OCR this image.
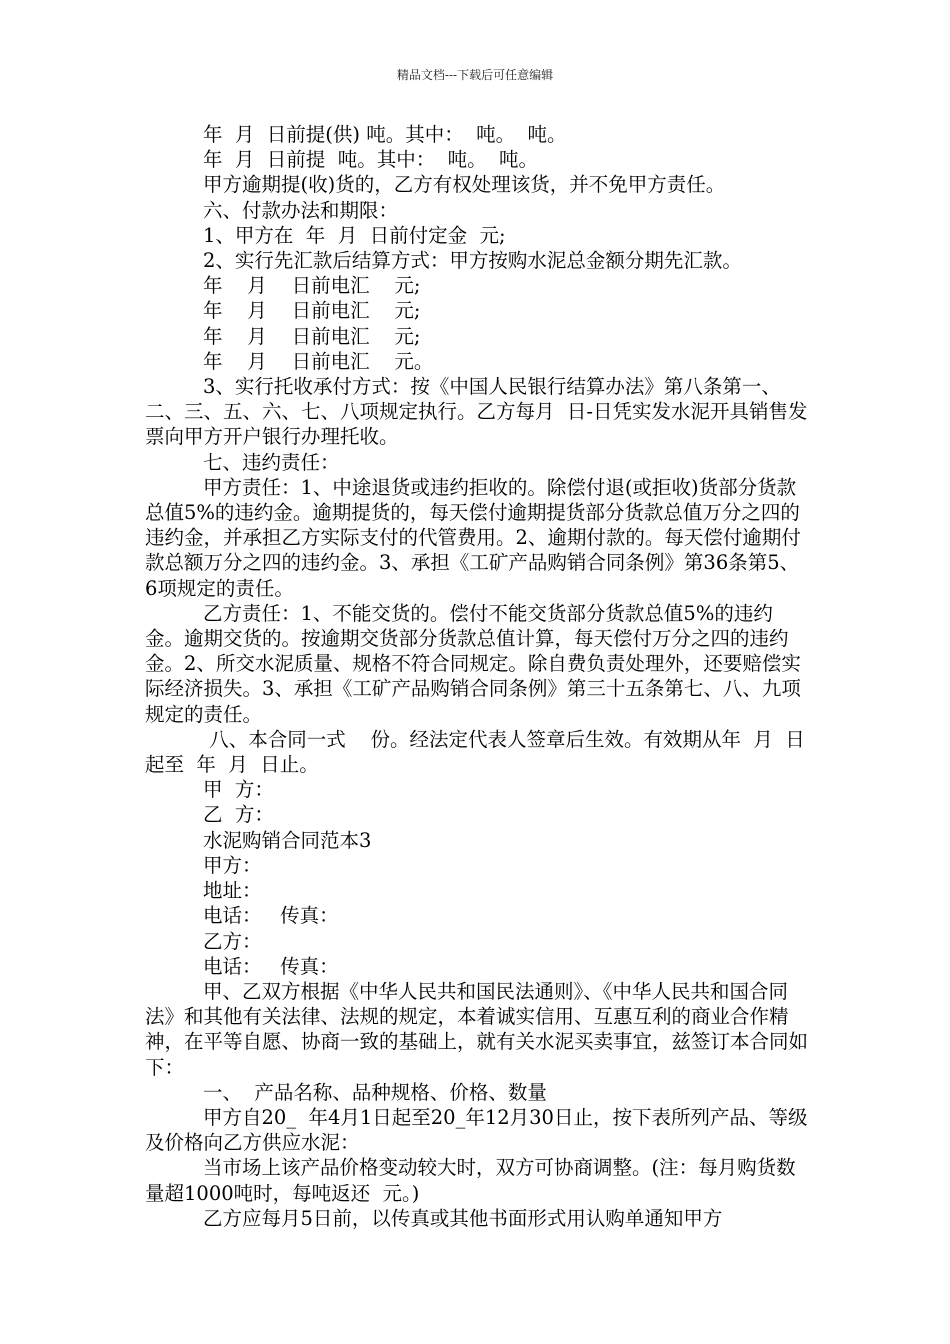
精品文档---下载后可任意编辑

年  月  日前提(供) 吨。其中：  吨。  吨。

年  月  日前提  吨。其中：  吨。  吨。

甲方逾期提(收)货的，乙方有权处理该货，并不免甲方责任。

六、付款办法和期限：

1、甲方在  年  月  日前付定金  元;

2、实行先汇款后结算方式：甲方按购水泥总金额分期先汇款。

年    月    日前电汇    元;

年    月    日前电汇    元;

年    月    日前电汇    元;

年    月    日前电汇    元。

3、实行托收承付方式：按《中国人民银行结算办法》第八条第一、二、三、五、六、七、八项规定执行。乙方每月  日-日凭实发水泥开具销售发票向甲方开户银行办理托收。

七、违约责任：

甲方责任：1、中途退货或违约拒收的。除偿付退(或拒收)货部分货款总值5%的违约金。逾期提货的，每天偿付逾期提货部分货款总值万分之四的违约金，并承担乙方实际支付的代管费用。2、逾期付款的。每天偿付逾期付款总额万分之四的违约金。3、承担《工矿产品购销合同条例》第36条第5、6项规定的责任。

乙方责任：1、不能交货的。偿付不能交货部分货款总值5%的违约金。逾期交货的。按逾期交货部分货款总值计算，每天偿付万分之四的违约金。2、所交水泥质量、规格不符合同规定。除自费负责处理外，还要赔偿实际经济损失。3、承担《工矿产品购销合同条例》第三十五条第七、八、九项规定的责任。

八、本合同一式    份。经法定代表人签章后生效。有效期从年  月  日起至  年  月  日止。

甲  方：

乙  方：

水泥购销合同范本3

甲方：

地址：

电话：   传真：

乙方：

电话：   传真：

甲、乙双方根据《中华人民共和国民法通则》、《中华人民共和国合同法》和其他有关法律、法规的规定，本着诚实信用、互惠互利的商业合作精神，在平等自愿、协商一致的基础上，就有关水泥买卖事宜，兹签订本合同如下：

一、  产品名称、品种规格、价格、数量

甲方自20_  年4月1日起至20_年12月30日止，按下表所列产品、等级及价格向乙方供应水泥：

当市场上该产品价格变动较大时，双方可协商调整。(注：每月购货数量超1000吨时，每吨返还  元。)

乙方应每月5日前，以传真或其他书面形式用认购单通知甲方
